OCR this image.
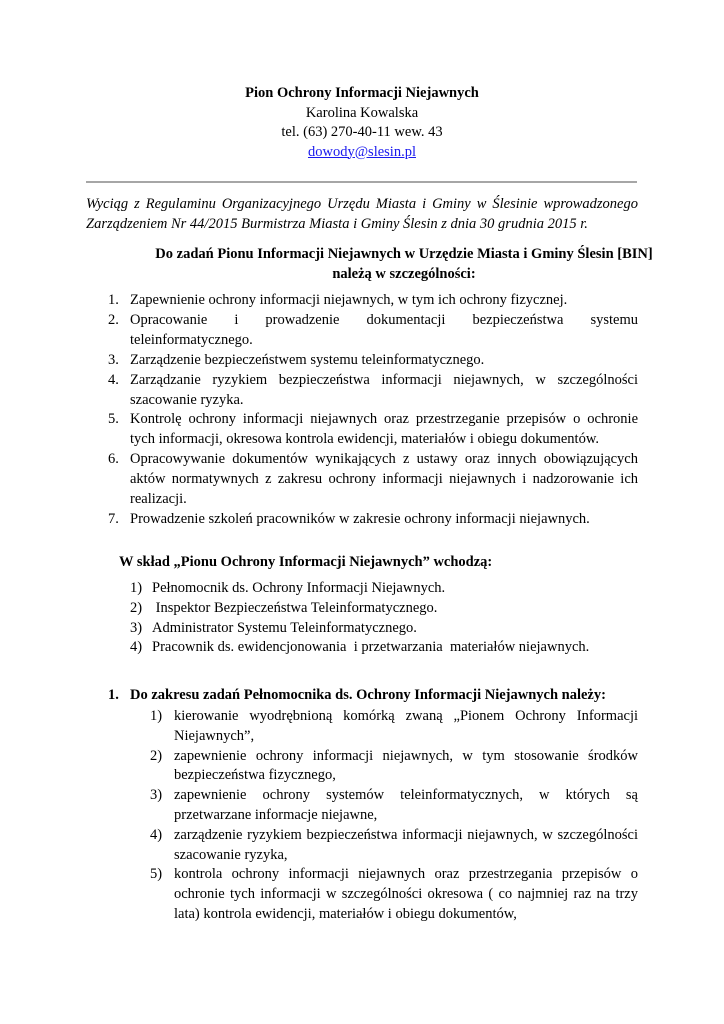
Pion Ochrony Informacji Niejawnych
Karolina Kowalska
tel. (63) 270-40-11 wew. 43
dowody@slesin.pl
Wyciąg z Regulaminu Organizacyjnego Urzędu Miasta i Gminy w Ślesinie wprowadzonego Zarządzeniem Nr 44/2015 Burmistrza Miasta i Gminy Ślesin z dnia 30 grudnia 2015 r.
Do zadań Pionu Informacji Niejawnych w Urzędzie Miasta i Gminy Ślesin [BIN]
należą w szczególności:
1. Zapewnienie ochrony informacji niejawnych, w tym ich ochrony fizycznej.
2. Opracowanie i prowadzenie dokumentacji bezpieczeństwa systemu teleinformatycznego.
3. Zarządzenie bezpieczeństwem systemu teleinformatycznego.
4. Zarządzanie ryzykiem bezpieczeństwa informacji niejawnych, w szczególności szacowanie ryzyka.
5. Kontrolę ochrony informacji niejawnych oraz przestrzeganie przepisów o ochronie tych informacji, okresowa kontrola ewidencji, materiałów i obiegu dokumentów.
6. Opracowywanie dokumentów wynikających z ustawy oraz innych obowiązujących aktów normatywnych z zakresu ochrony informacji niejawnych i nadzorowanie ich realizacji.
7. Prowadzenie szkoleń pracowników w zakresie ochrony informacji niejawnych.
W skład „Pionu Ochrony Informacji Niejawnych” wchodzą:
1) Pełnomocnik ds. Ochrony Informacji Niejawnych.
2) Inspektor Bezpieczeństwa Teleinformatycznego.
3) Administrator Systemu Teleinformatycznego.
4) Pracownik ds. ewidencjonowania  i przetwarzania  materiałów niejawnych.
1. Do zakresu zadań Pełnomocnika ds. Ochrony Informacji Niejawnych należy:
1) kierowanie wyodrębnioną komórką zwaną „Pionem Ochrony Informacji Niejawnych”,
2) zapewnienie ochrony informacji niejawnych, w tym stosowanie środków bezpieczeństwa fizycznego,
3) zapewnienie ochrony systemów teleinformatycznych, w których są przetwarzane informacje niejawne,
4) zarządzenie ryzykiem bezpieczeństwa informacji niejawnych, w szczególności szacowanie ryzyka,
5) kontrola ochrony informacji niejawnych oraz przestrzegania przepisów o ochronie tych informacji w szczególności okresowa ( co najmniej raz na trzy lata) kontrola ewidencji, materiałów i obiegu dokumentów,
